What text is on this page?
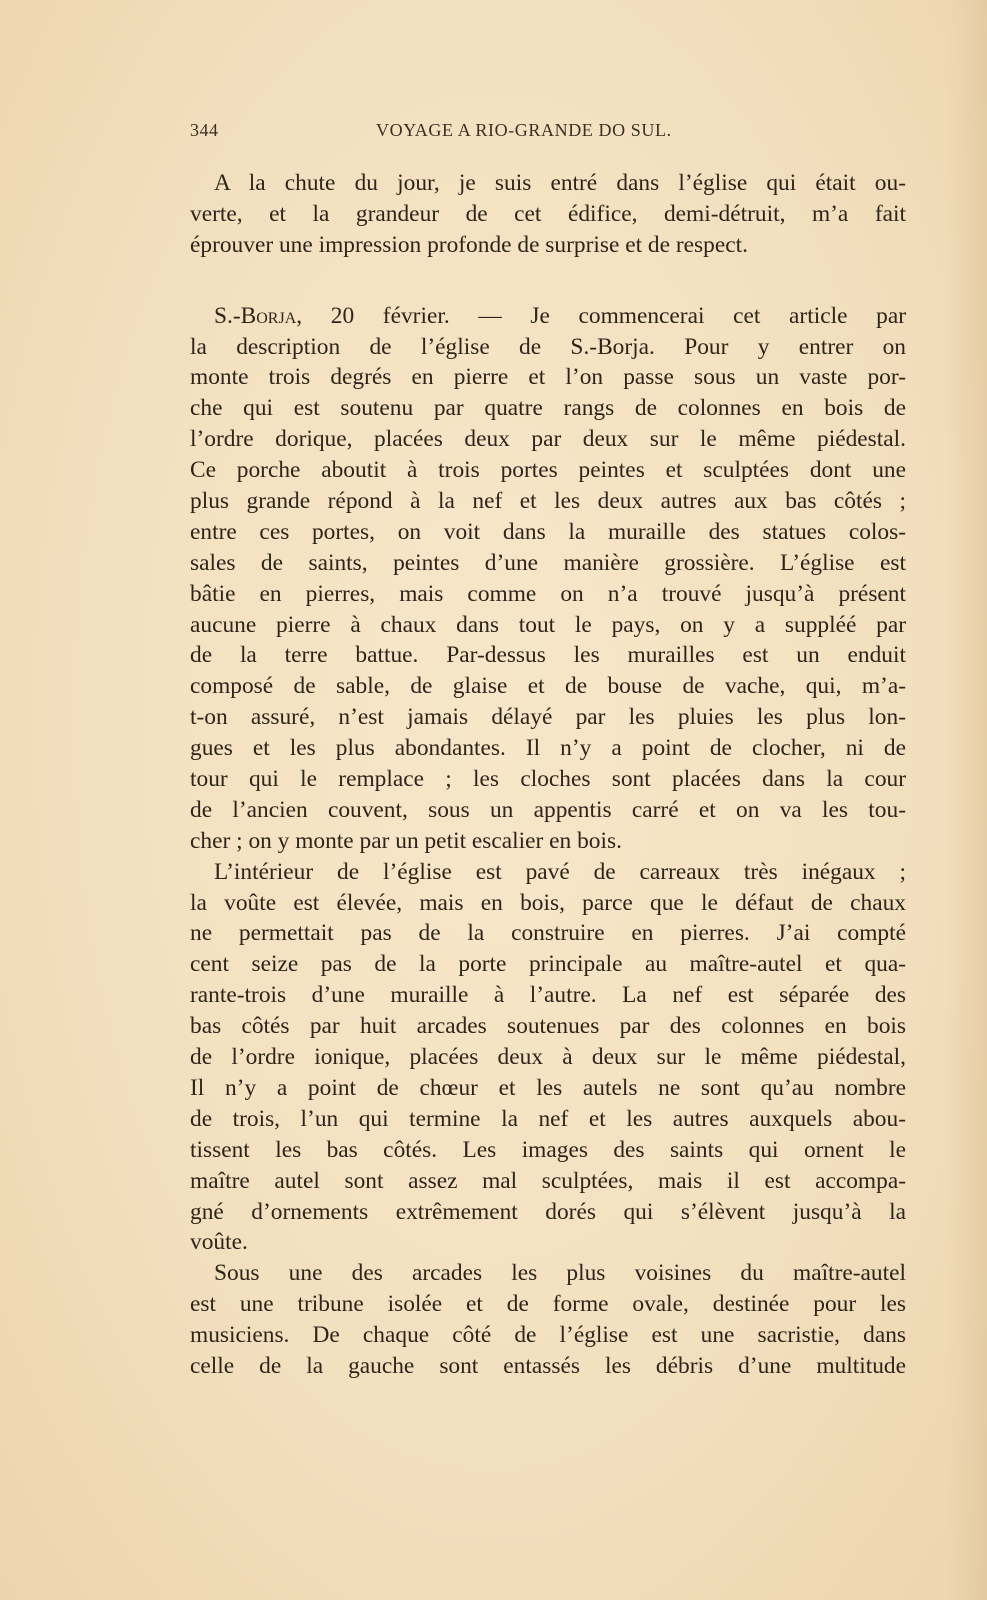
344	VOYAGE A RIO-GRANDE DO SUL.
A la chute du jour, je suis entré dans l’église qui était ou-
verte, et la grandeur de cet édifice, demi-détruit, m’a fait
éprouver une impression profonde de surprise et de respect.
S.-Borja, 20 février. — Je commencerai cet article par
la description de l’église de S.-Borja. Pour y entrer on
monte trois degrés en pierre et l’on passe sous un vaste por-
che qui est soutenu par quatre rangs de colonnes en bois de
l’ordre dorique, placées deux par deux sur le même piédestal.
Ce porche aboutit à trois portes peintes et sculptées dont une
plus grande répond à la nef et les deux autres aux bas côtés ;
entre ces portes, on voit dans la muraille des statues colos-
sales de saints, peintes d’une manière grossière. L’église est
bâtie en pierres, mais comme on n’a trouvé jusqu’à présent
aucune pierre à chaux dans tout le pays, on y a suppléé par
de la terre battue. Par-dessus les murailles est un enduit
composé de sable, de glaise et de bouse de vache, qui, m’a-
t-on assuré, n’est jamais délayé par les pluies les plus lon-
gues et les plus abondantes. Il n’y a point de clocher, ni de
tour qui le remplace ; les cloches sont placées dans la cour
de l’ancien couvent, sous un appentis carré et on va les tou-
cher ; on y monte par un petit escalier en bois.
L’intérieur de l’église est pavé de carreaux très inégaux ;
la voûte est élevée, mais en bois, parce que le défaut de chaux
ne permettait pas de la construire en pierres. J’ai compté
cent seize pas de la porte principale au maître-autel et qua-
rante-trois d’une muraille à l’autre. La nef est séparée des
bas côtés par huit arcades soutenues par des colonnes en bois
de l’ordre ionique, placées deux à deux sur le même piédestal,
Il n’y a point de chœur et les autels ne sont qu’au nombre
de trois, l’un qui termine la nef et les autres auxquels abou-
tissent les bas côtés. Les images des saints qui ornent le
maître autel sont assez mal sculptées, mais il est accompa-
gné d’ornements extrêmement dorés qui s’élèvent jusqu’à la
voûte.
Sous une des arcades les plus voisines du maître-autel
est une tribune isolée et de forme ovale, destinée pour les
musiciens. De chaque côté de l’église est une sacristie, dans
celle de la gauche sont entassés les débris d’une multitude
